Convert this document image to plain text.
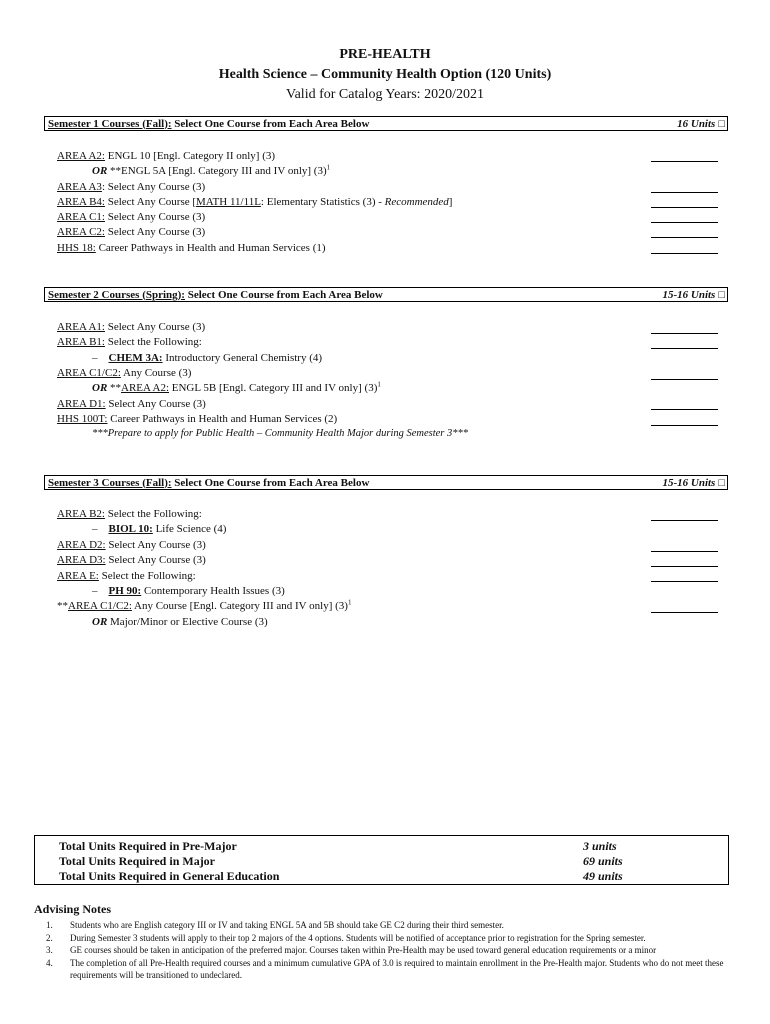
PRE-HEALTH
Health Science – Community Health Option (120 Units)
Valid for Catalog Years: 2020/2021
Semester 1 Courses (Fall): Select One Course from Each Area Below	16 Units □
AREA A2: ENGL 10 [Engl. Category II only] (3)
OR **ENGL 5A [Engl. Category III and IV only] $(3)^1$
AREA A3: Select Any Course (3)
AREA B4: Select Any Course [MATH 11/11L: Elementary Statistics (3) - Recommended]
AREA C1: Select Any Course (3)
AREA C2: Select Any Course (3)
HHS 18: Career Pathways in Health and Human Services (1)
Semester 2 Courses (Spring): Select One Course from Each Area Below	15-16 Units □
AREA A1: Select Any Course (3)
AREA B1: Select the Following:
– CHEM 3A: Introductory General Chemistry (4)
AREA C1/C2: Any Course (3)
OR **AREA A2: ENGL 5B [Engl. Category III and IV only] $(3)^1$
AREA D1: Select Any Course (3)
HHS 100T: Career Pathways in Health and Human Services (2)
***Prepare to apply for Public Health – Community Health Major during Semester 3***
Semester 3 Courses (Fall): Select One Course from Each Area Below	15-16 Units □
AREA B2: Select the Following:
– BIOL 10: Life Science (4)
AREA D2: Select Any Course (3)
AREA D3: Select Any Course (3)
AREA E: Select the Following:
– PH 90: Contemporary Health Issues (3)
**AREA C1/C2: Any Course [Engl. Category III and IV only] $(3)^1$
OR Major/Minor or Elective Course (3)
Total Units Required in Pre-Major	3 units
Total Units Required in Major	69 units
Total Units Required in General Education	49 units
Advising Notes
1. Students who are English category III or IV and taking ENGL 5A and 5B should take GE C2 during their third semester.
2. During Semester 3 students will apply to their top 2 majors of the 4 options. Students will be notified of acceptance prior to registration for the Spring semester.
3. GE courses should be taken in anticipation of the preferred major. Courses taken within Pre-Health may be used toward general education requirements or a minor
4. The completion of all Pre-Health required courses and a minimum cumulative GPA of 3.0 is required to maintain enrollment in the Pre-Health major. Students who do not meet these requirements will be transitioned to undeclared.
